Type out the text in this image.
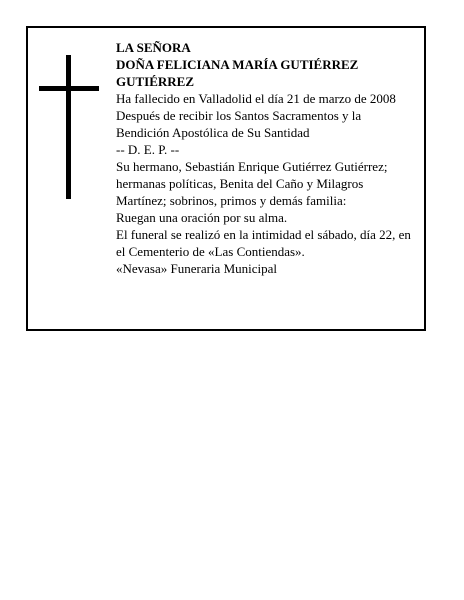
LA SEÑORA
DOÑA FELICIANA MARÍA GUTIÉRREZ GUTIÉRREZ
Ha fallecido en Valladolid el día 21 de marzo de 2008
Después de recibir los Santos Sacramentos y la Bendición Apostólica de Su Santidad
-- D. E. P. --
Su hermano, Sebastián Enrique Gutiérrez Gutiérrez; hermanas políticas, Benita del Caño y Milagros Martínez; sobrinos, primos y demás familia:
Ruegan una oración por su alma.
El funeral se realizó en la intimidad el sábado, día 22, en el Cementerio de «Las Contiendas».
«Nevasa» Funeraria Municipal
